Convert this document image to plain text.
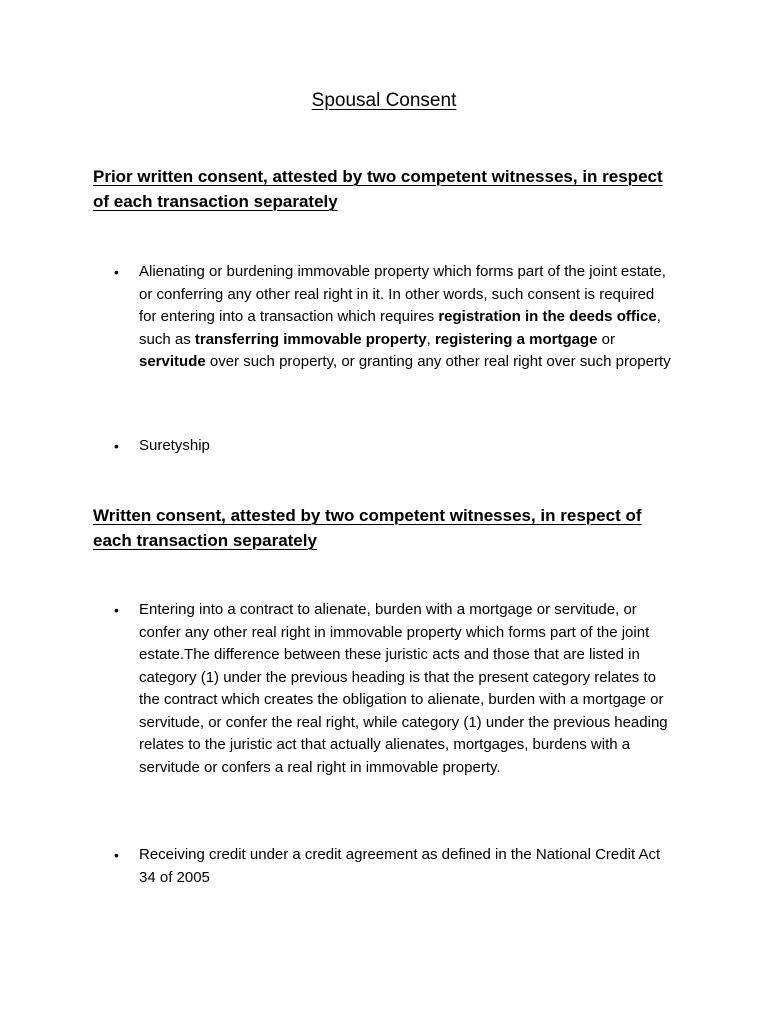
Spousal Consent
Prior written consent, attested by two competent witnesses, in respect of each transaction separately
•	Alienating or burdening immovable property which forms part of the joint estate, or conferring any other real right in it. In other words, such consent is required for entering into a transaction which requires registration in the deeds office, such as transferring immovable property, registering a mortgage or servitude over such property, or granting any other real right over such property
•	Suretyship
Written consent, attested by two competent witnesses, in respect of each transaction separately
•	Entering into a contract to alienate, burden with a mortgage or servitude, or confer any other real right in immovable property which forms part of the joint estate.The difference between these juristic acts and those that are listed in category (1) under the previous heading is that the present category relates to the contract which creates the obligation to alienate, burden with a mortgage or servitude, or confer the real right, while category (1) under the previous heading relates to the juristic act that actually alienates, mortgages, burdens with a servitude or confers a real right in immovable property.
•	Receiving credit under a credit agreement as defined in the National Credit Act 34 of 2005
